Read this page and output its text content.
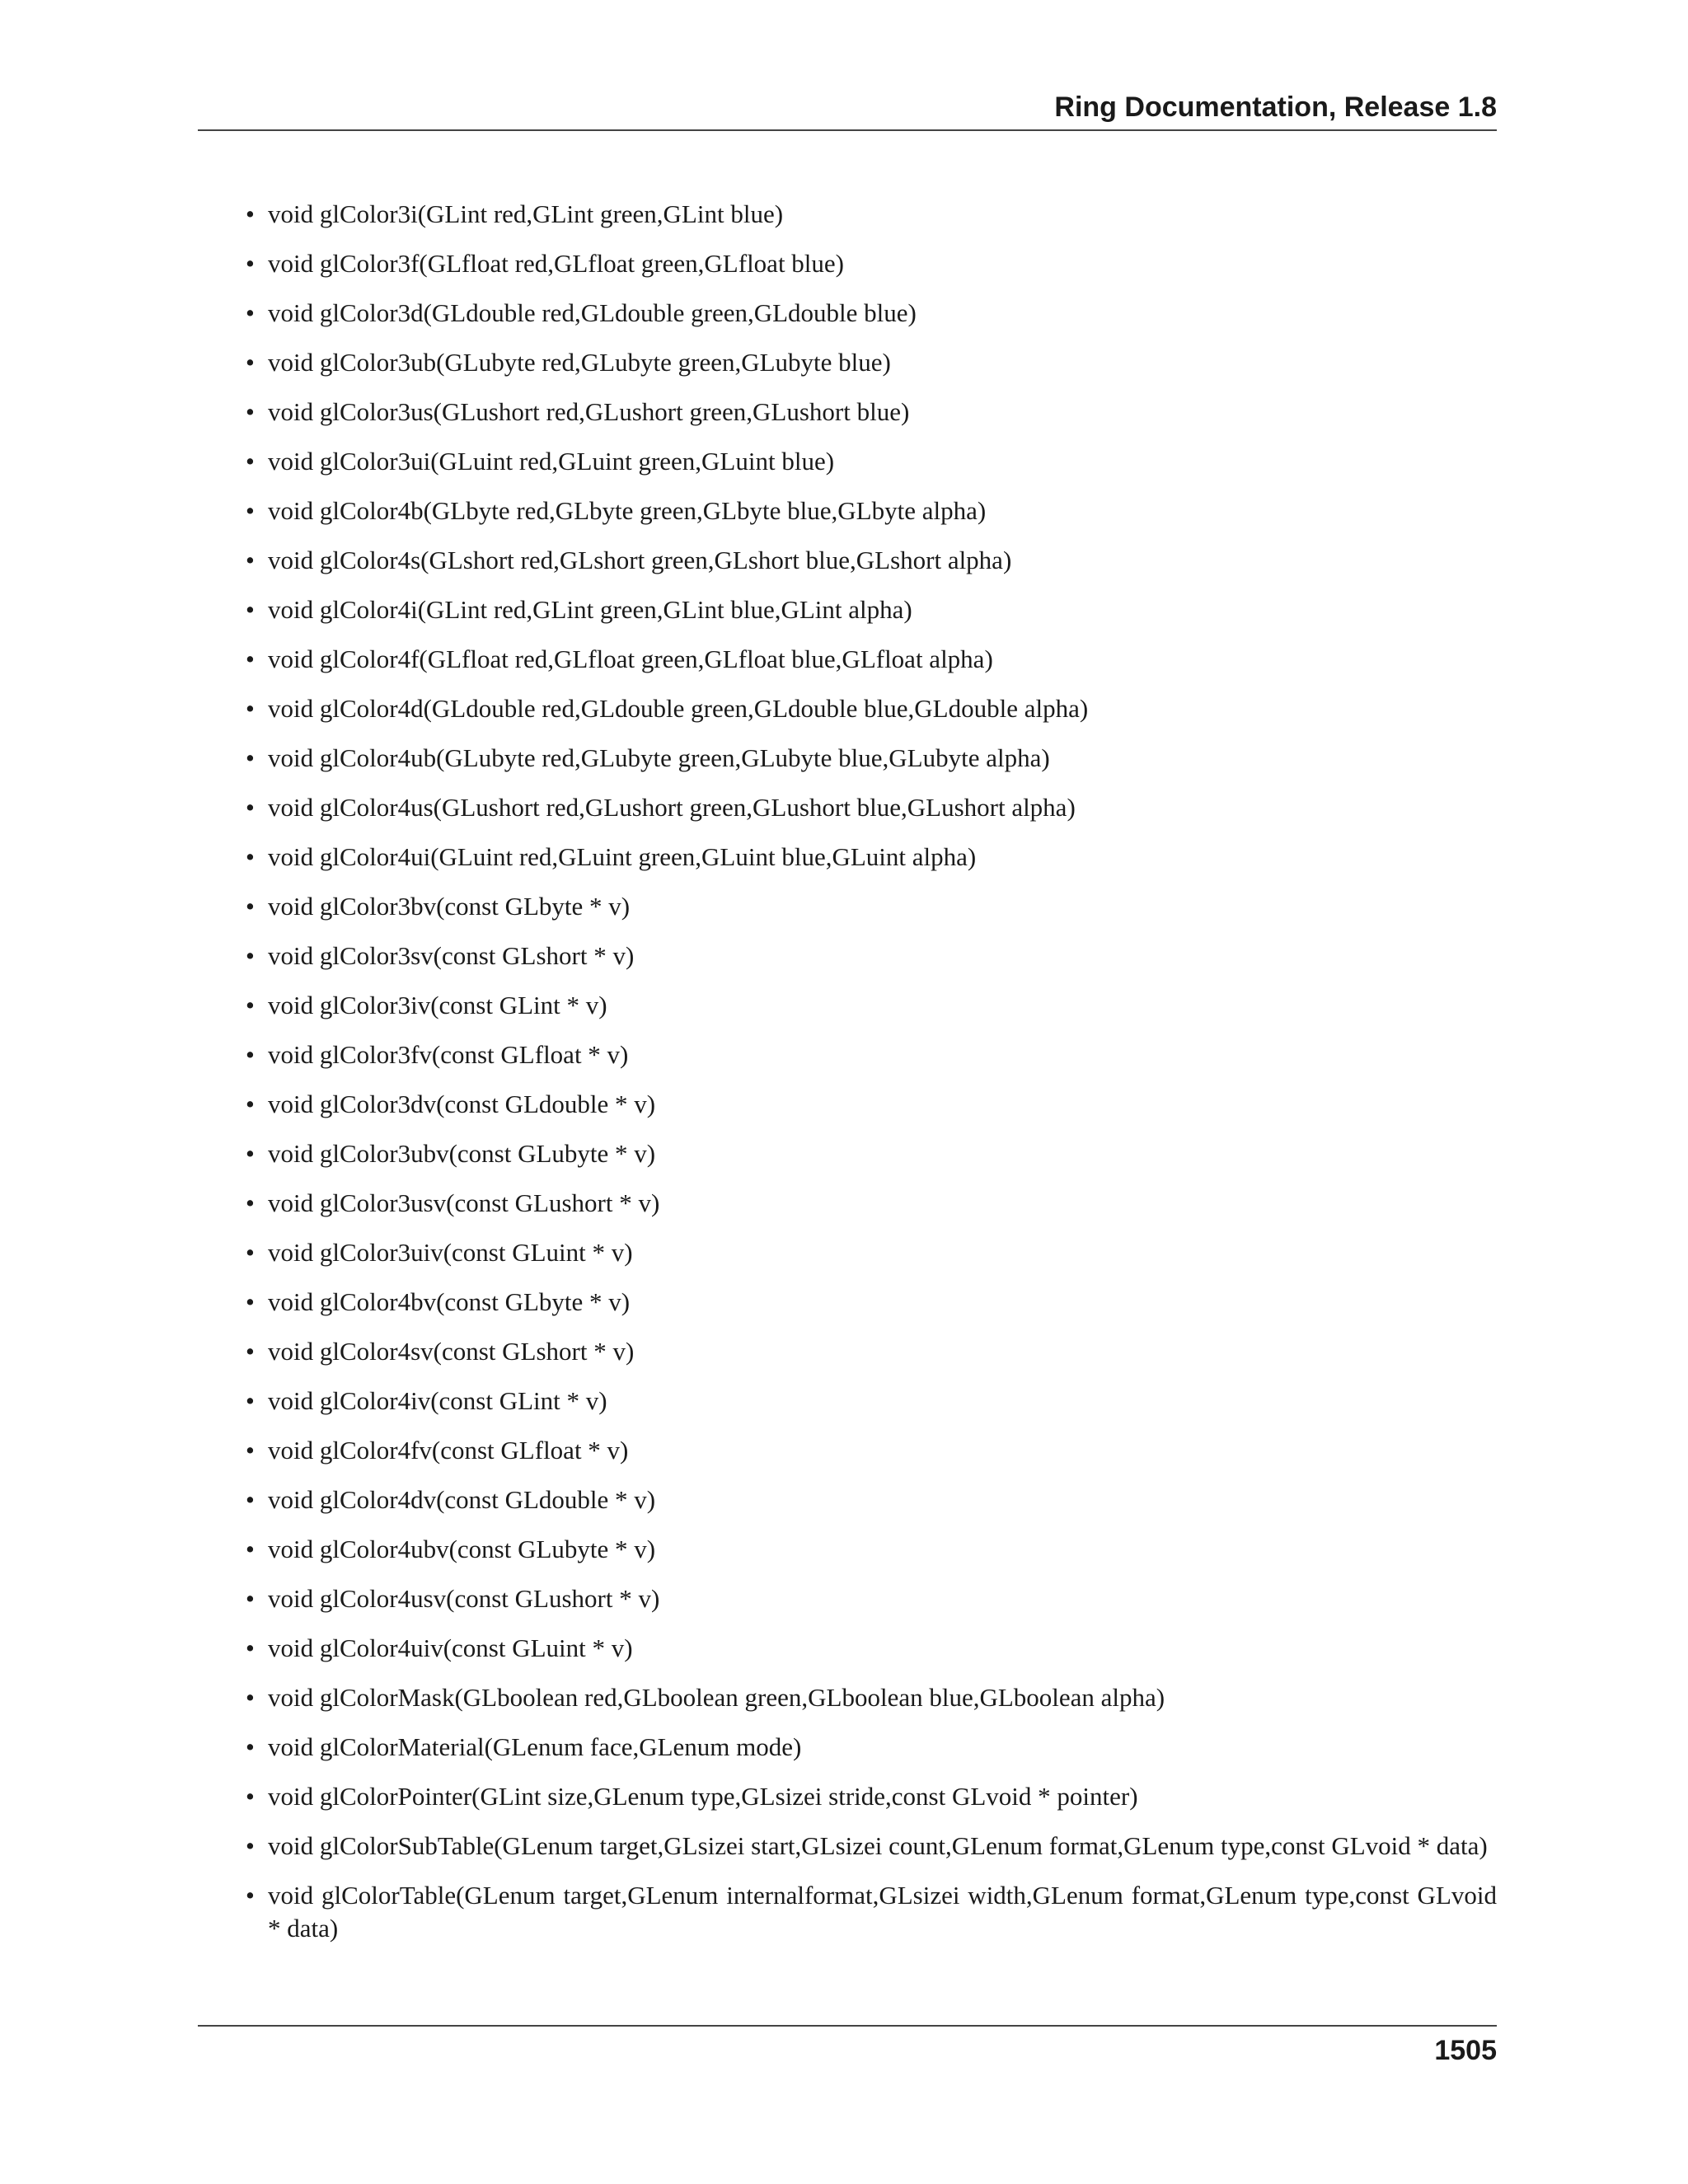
Ring Documentation, Release 1.8
• void glColor3i(GLint red,GLint green,GLint blue)
• void glColor3f(GLfloat red,GLfloat green,GLfloat blue)
• void glColor3d(GLdouble red,GLdouble green,GLdouble blue)
• void glColor3ub(GLubyte red,GLubyte green,GLubyte blue)
• void glColor3us(GLushort red,GLushort green,GLushort blue)
• void glColor3ui(GLuint red,GLuint green,GLuint blue)
• void glColor4b(GLbyte red,GLbyte green,GLbyte blue,GLbyte alpha)
• void glColor4s(GLshort red,GLshort green,GLshort blue,GLshort alpha)
• void glColor4i(GLint red,GLint green,GLint blue,GLint alpha)
• void glColor4f(GLfloat red,GLfloat green,GLfloat blue,GLfloat alpha)
• void glColor4d(GLdouble red,GLdouble green,GLdouble blue,GLdouble alpha)
• void glColor4ub(GLubyte red,GLubyte green,GLubyte blue,GLubyte alpha)
• void glColor4us(GLushort red,GLushort green,GLushort blue,GLushort alpha)
• void glColor4ui(GLuint red,GLuint green,GLuint blue,GLuint alpha)
• void glColor3bv(const GLbyte * v)
• void glColor3sv(const GLshort * v)
• void glColor3iv(const GLint * v)
• void glColor3fv(const GLfloat * v)
• void glColor3dv(const GLdouble * v)
• void glColor3ubv(const GLubyte * v)
• void glColor3usv(const GLushort * v)
• void glColor3uiv(const GLuint * v)
• void glColor4bv(const GLbyte * v)
• void glColor4sv(const GLshort * v)
• void glColor4iv(const GLint * v)
• void glColor4fv(const GLfloat * v)
• void glColor4dv(const GLdouble * v)
• void glColor4ubv(const GLubyte * v)
• void glColor4usv(const GLushort * v)
• void glColor4uiv(const GLuint * v)
• void glColorMask(GLboolean red,GLboolean green,GLboolean blue,GLboolean alpha)
• void glColorMaterial(GLenum face,GLenum mode)
• void glColorPointer(GLint size,GLenum type,GLsizei stride,const GLvoid * pointer)
• void glColorSubTable(GLenum target,GLsizei start,GLsizei count,GLenum format,GLenum type,const GLvoid * data)
• void glColorTable(GLenum target,GLenum internalformat,GLsizei width,GLenum format,GLenum type,const GLvoid * data)
1505
